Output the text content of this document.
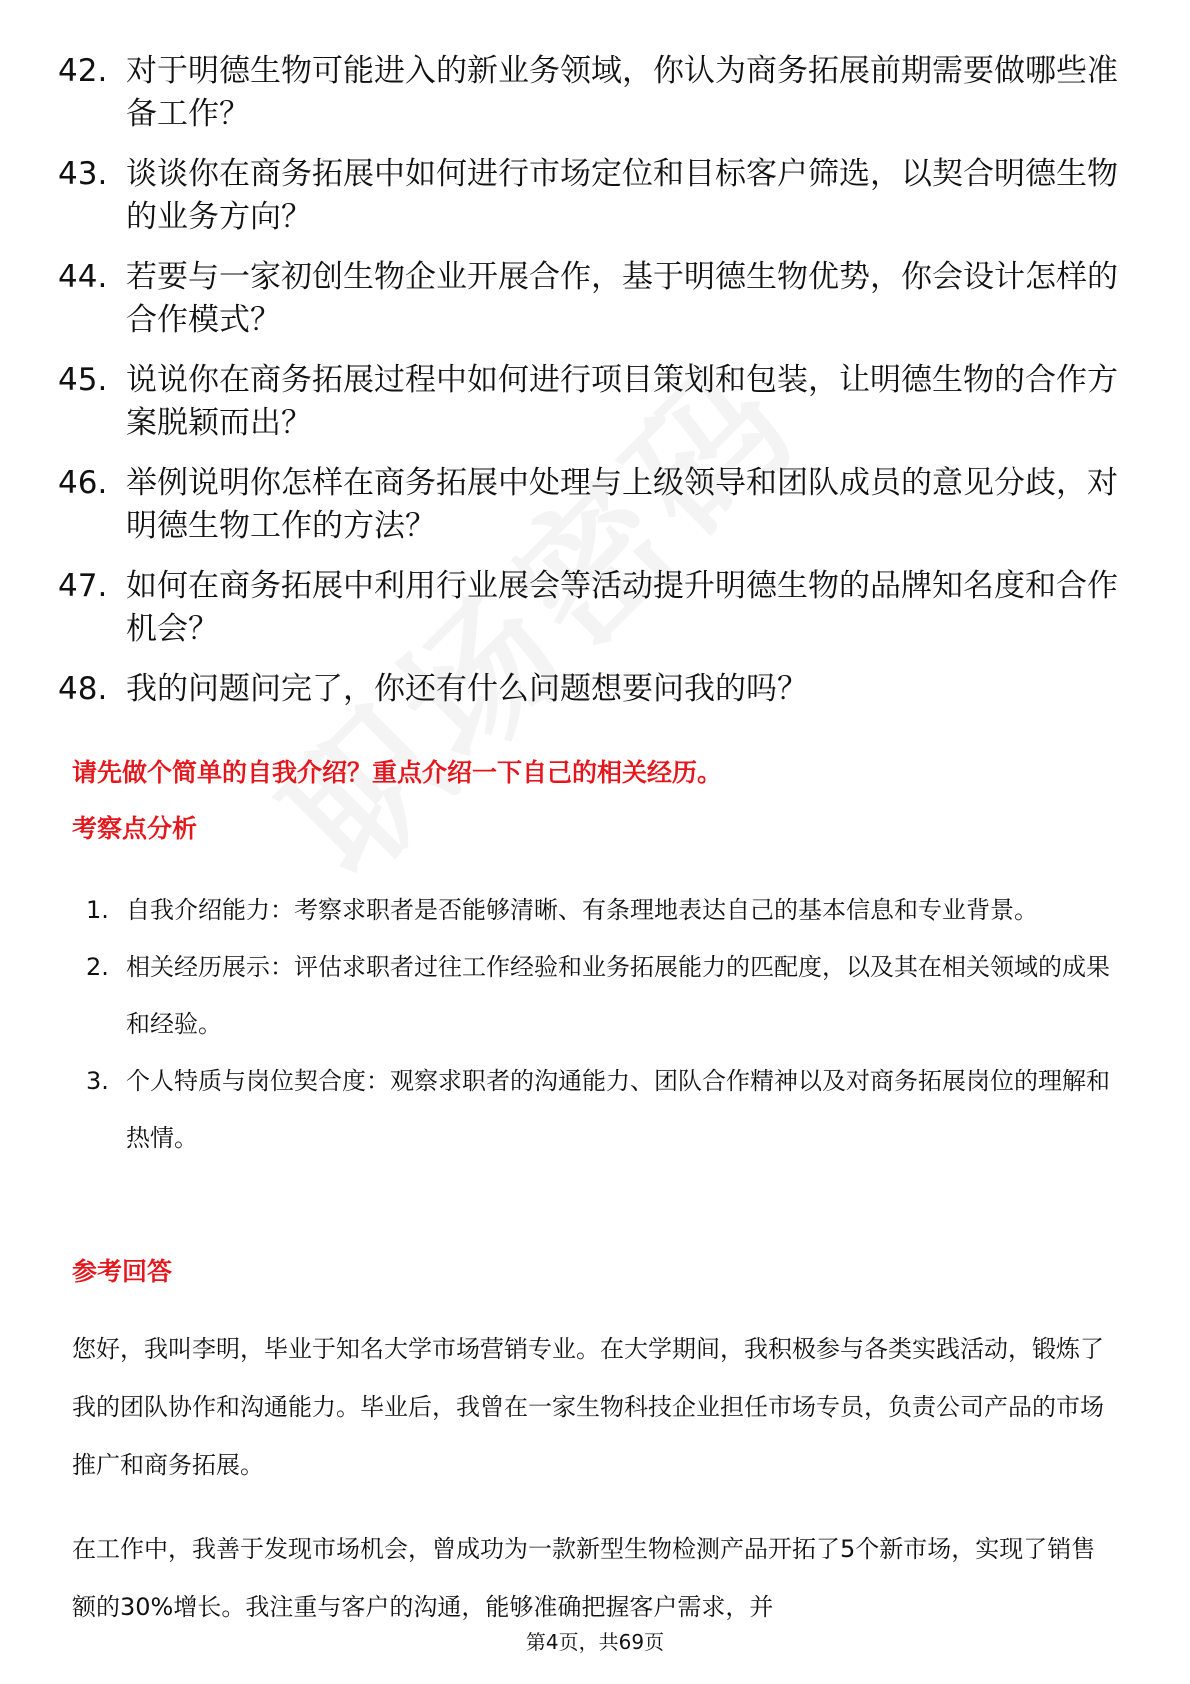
42. 对于明德生物可能进入的新业务领域，你认为商务拓展前期需要做哪些准备工作？
43. 谈谈你在商务拓展中如何进行市场定位和目标客户筛选，以契合明德生物的业务方向？
44. 若要与一家初创生物企业开展合作，基于明德生物优势，你会设计怎样的合作模式？
45. 说说你在商务拓展过程中如何进行项目策划和包装，让明德生物的合作方案脱颖而出？
46. 举例说明你怎样在商务拓展中处理与上级领导和团队成员的意见分歧，对明德生物工作的方法？
47. 如何在商务拓展中利用行业展会等活动提升明德生物的品牌知名度和合作机会？
48. 我的问题问完了，你还有什么问题想要问我的吗？
请先做个简单的自我介绍？重点介绍一下自己的相关经历。
考察点分析
1. 自我介绍能力：考察求职者是否能够清晰、有条理地表达自己的基本信息和专业背景。
2. 相关经历展示：评估求职者过往工作经验和业务拓展能力的匹配度，以及其在相关领域的成果和经验。
3. 个人特质与岗位契合度：观察求职者的沟通能力、团队合作精神以及对商务拓展岗位的理解和热情。
参考回答

您好，我叫李明，毕业于知名大学市场营销专业。在大学期间，我积极参与各类实践活动，锻炼了我的团队协作和沟通能力。毕业后，我曾在一家生物科技企业担任市场专员，负责公司产品的市场推广和商务拓展。

在工作中，我善于发现市场机会，曾成功为一款新型生物检测产品开拓了5个新市场，实现了销售额的30%增长。我注重与客户的沟通，能够准确把握客户需求，并

第4页，共69页
